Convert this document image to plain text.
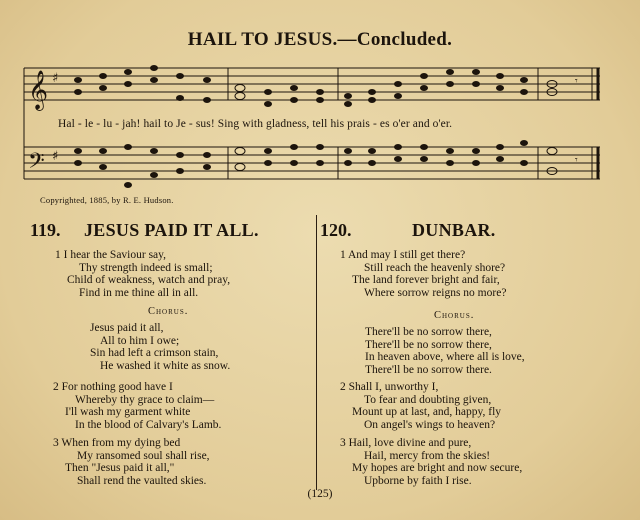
HAIL TO JESUS.—Concluded.
𝄞 ♯	𝄾
𝄢 ♯	𝄾
Hal - le - lu - jah! hail to Je - sus! Sing with gladness, tell his prais - es o'er and o'er.
Copyrighted, 1885, by R. E. Hudson.
119. JESUS PAID IT ALL.
1 I hear the Saviour say,
Thy strength indeed is small;
Child of weakness, watch and pray,
Find in me thine all in all.
Chorus.
Jesus paid it all,
All to him I owe;
Sin had left a crimson stain,
He washed it white as snow.
2 For nothing good have I
Whereby thy grace to claim—
I'll wash my garment white
In the blood of Calvary's Lamb.
3 When from my dying bed
My ransomed soul shall rise,
Then "Jesus paid it all,"
Shall rend the vaulted skies.
120.	DUNBAR.
1 And may I still get there?
Still reach the heavenly shore?
The land forever bright and fair,
Where sorrow reigns no more?
Chorus.
There'll be no sorrow there,
There'll be no sorrow there,
In heaven above, where all is love,
There'll be no sorrow there.
2 Shall I, unworthy I,
To fear and doubting given,
Mount up at last, and, happy, fly
On angel's wings to heaven?
3 Hail, love divine and pure,
Hail, mercy from the skies!
My hopes are bright and now secure,
Upborne by faith I rise.
(125)
